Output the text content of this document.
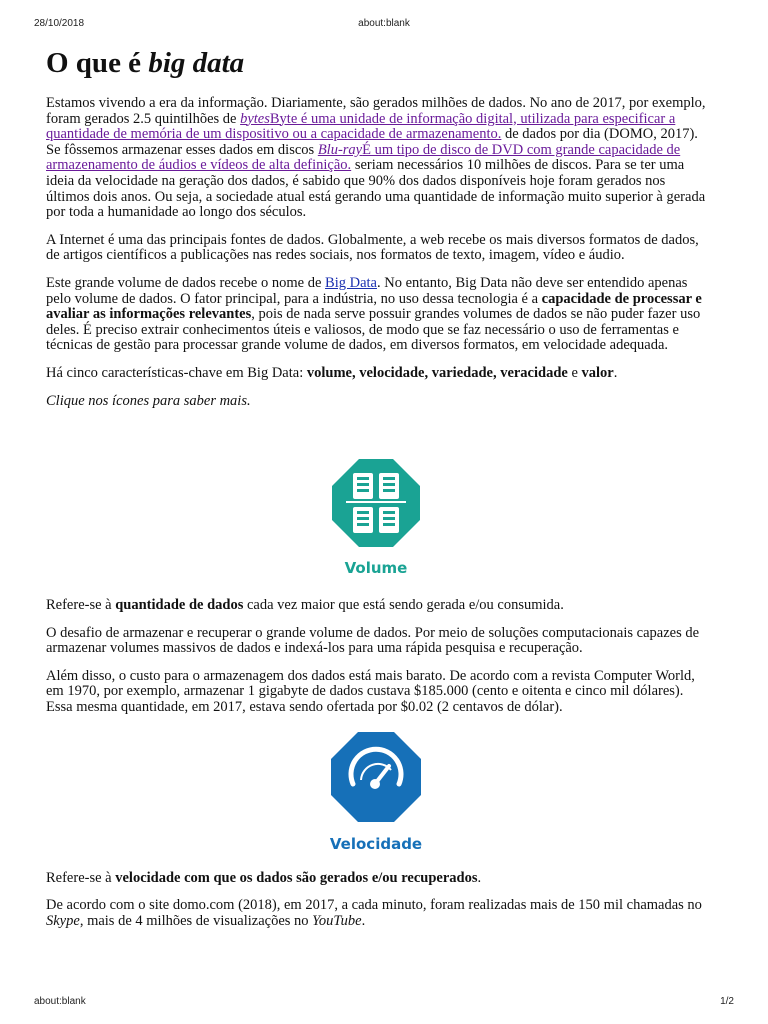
28/10/2018	about:blank
O que é big data

Estamos vivendo a era da informação. Diariamente, são gerados milhões de dados. No ano de 2017, por exemplo, foram gerados 2.5 quintilhões de bytesByte é uma unidade de informação digital, utilizada para especificar a quantidade de memória de um dispositivo ou a capacidade de armazenamento. de dados por dia (DOMO, 2017). Se fôssemos armazenar esses dados em discos Blu-rayÉ um tipo de disco de DVD com grande capacidade de armazenamento de áudios e vídeos de alta definição. seriam necessários 10 milhões de discos. Para se ter uma ideia da velocidade na geração dos dados, é sabido que 90% dos dados disponíveis hoje foram gerados nos últimos dois anos. Ou seja, a sociedade atual está gerando uma quantidade de informação muito superior à gerada por toda a humanidade ao longo dos séculos.

A Internet é uma das principais fontes de dados. Globalmente, a web recebe os mais diversos formatos de dados, de artigos científicos a publicações nas redes sociais, nos formatos de texto, imagem, vídeo e áudio.

Este grande volume de dados recebe o nome de Big Data. No entanto, Big Data não deve ser entendido apenas pelo volume de dados. O fator principal, para a indústria, no uso dessa tecnologia é a capacidade de processar e avaliar as informações relevantes, pois de nada serve possuir grandes volumes de dados se não puder fazer uso deles. É preciso extrair conhecimentos úteis e valiosos, de modo que se faz necessário o uso de ferramentas e técnicas de gestão para processar grande volume de dados, em diversos formatos, em velocidade adequada.

Há cinco características-chave em Big Data: volume, velocidade, variedade, veracidade e valor.

Clique nos ícones para saber mais.

Volume

Refere-se à quantidade de dados cada vez maior que está sendo gerada e/ou consumida.

O desafio de armazenar e recuperar o grande volume de dados. Por meio de soluções computacionais capazes de armazenar volumes massivos de dados e indexá-los para uma rápida pesquisa e recuperação.

Além disso, o custo para o armazenagem dos dados está mais barato. De acordo com a revista Computer World, em 1970, por exemplo, armazenar 1 gigabyte de dados custava $185.000 (cento e oitenta e cinco mil dólares). Essa mesma quantidade, em 2017, estava sendo ofertada por $0.02 (2 centavos de dólar).

Velocidade

Refere-se à velocidade com que os dados são gerados e/ou recuperados.

De acordo com o site domo.com (2018), em 2017, a cada minuto, foram realizadas mais de 150 mil chamadas no Skype, mais de 4 milhões de visualizações no YouTube.

about:blank	1/2
